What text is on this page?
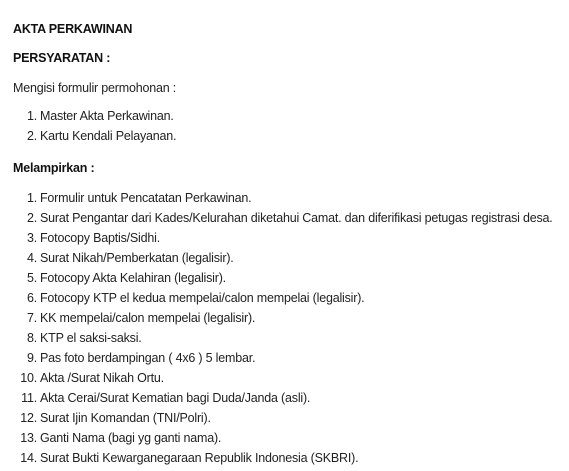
AKTA PERKAWINAN
PERSYARATAN :
Mengisi formulir permohonan :
1. Master Akta Perkawinan.
2. Kartu Kendali Pelayanan.
Melampirkan :
1. Formulir untuk Pencatatan Perkawinan.
2. Surat Pengantar dari Kades/Kelurahan diketahui Camat. dan diferifikasi petugas registrasi desa.
3. Fotocopy Baptis/Sidhi.
4. Surat Nikah/Pemberkatan (legalisir).
5. Fotocopy Akta Kelahiran (legalisir).
6. Fotocopy KTP el kedua mempelai/calon mempelai (legalisir).
7. KK mempelai/calon mempelai (legalisir).
8. KTP el saksi-saksi.
9. Pas foto berdampingan ( 4x6 ) 5 lembar.
10. Akta /Surat Nikah Ortu.
11. Akta Cerai/Surat Kematian bagi Duda/Janda (asli).
12. Surat Ijin Komandan (TNI/Polri).
13. Ganti Nama (bagi yg ganti nama).
14. Surat Bukti Kewarganegaraan Republik Indonesia (SKBRI).
